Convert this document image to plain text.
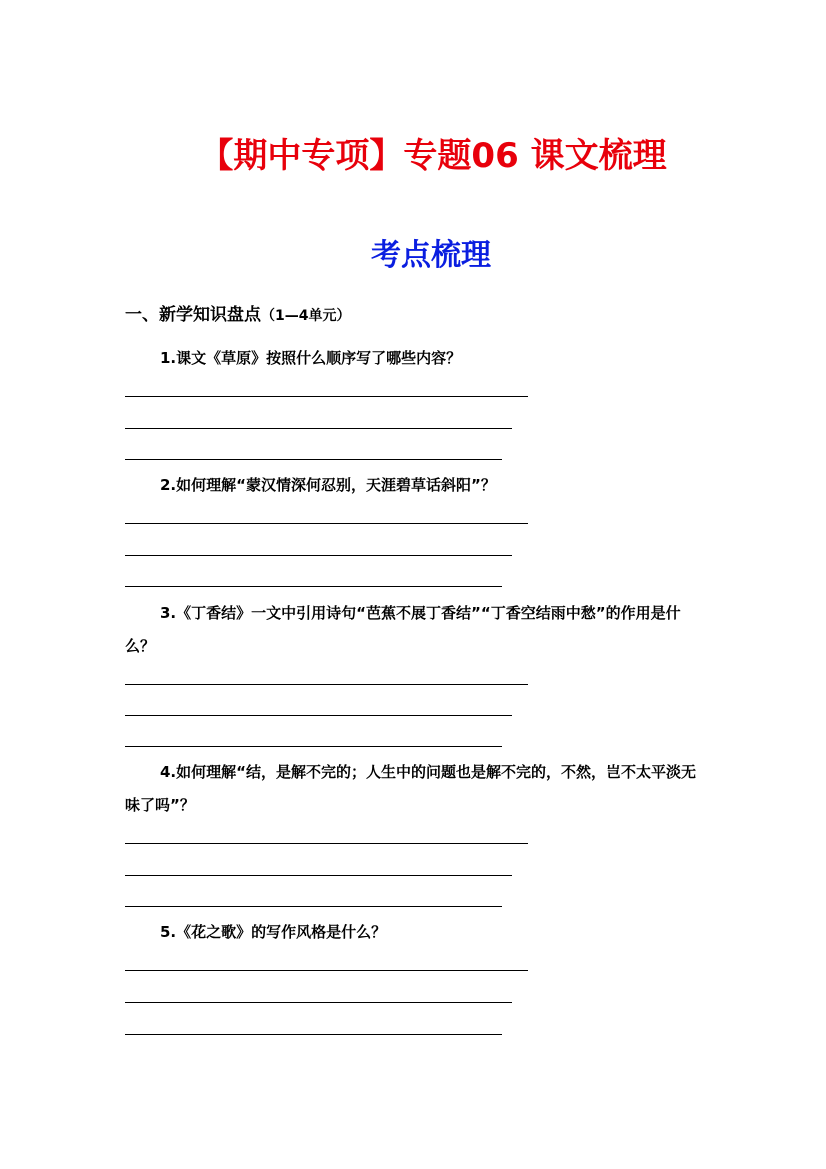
【期中专项】专题06 课文梳理
考点梳理
一、新学知识盘点（1—4单元）
1.课文《草原》按照什么顺序写了哪些内容？
2.如何理解“蒙汉情深何忍别，天涯碧草话斜阳”？
3.《丁香结》一文中引用诗句“芭蕉不展丁香结”“丁香空结雨中愁”的作用是什么？
4.如何理解“结，是解不完的；人生中的问题也是解不完的，不然，岂不太平淡无味了吗”？
5.《花之歌》的写作风格是什么？
